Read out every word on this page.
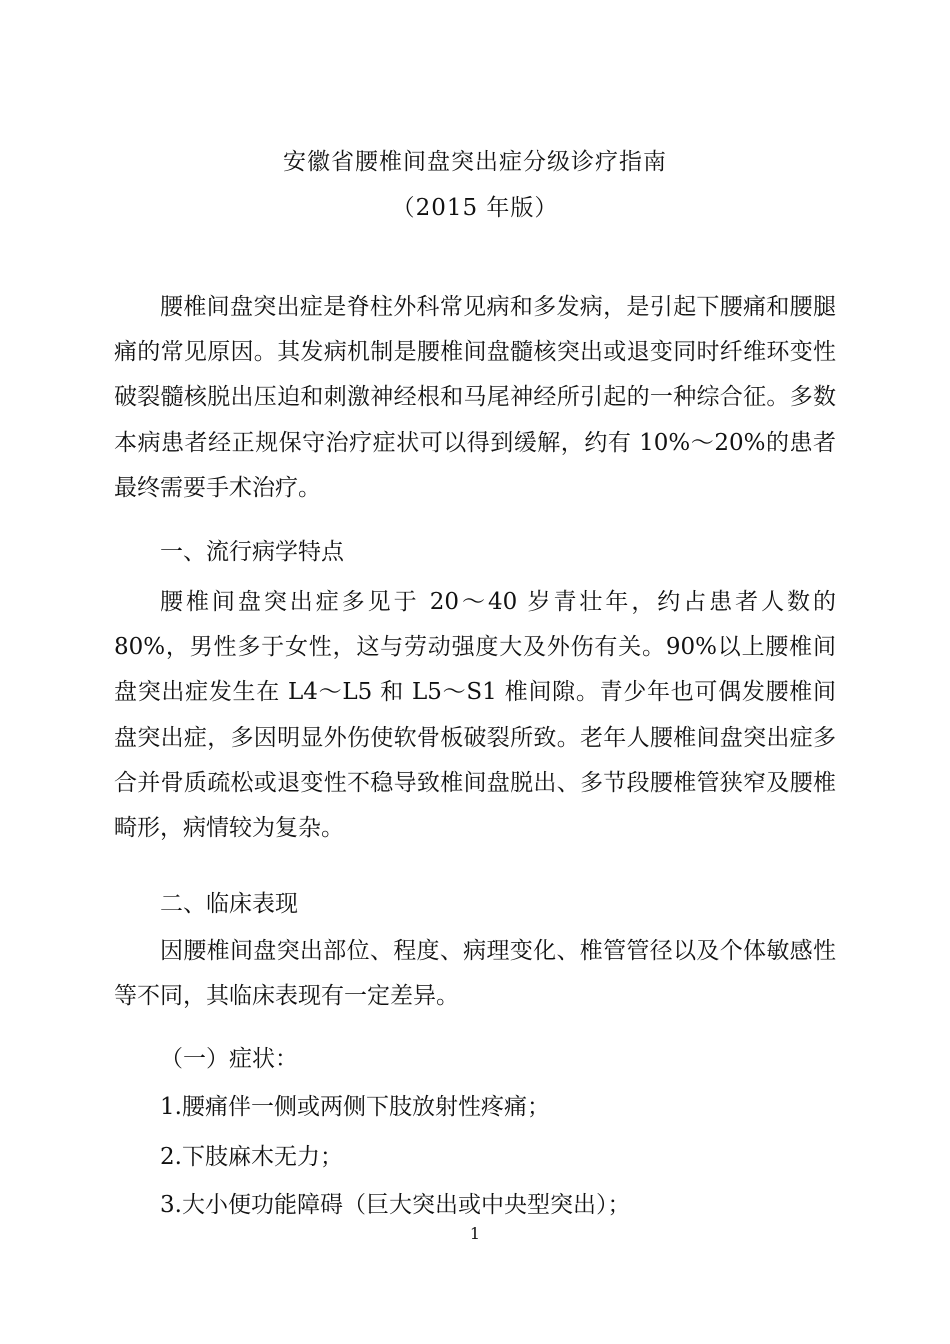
安徽省腰椎间盘突出症分级诊疗指南
（2015 年版）

腰椎间盘突出症是脊柱外科常见病和多发病，是引起下腰痛和腰腿痛的常见原因。其发病机制是腰椎间盘髓核突出或退变同时纤维环变性破裂髓核脱出压迫和刺激神经根和马尾神经所引起的一种综合征。多数本病患者经正规保守治疗症状可以得到缓解，约有 10%～20%的患者最终需要手术治疗。

一、流行病学特点

腰椎间盘突出症多见于 20～40 岁青壮年，约占患者人数的80%，男性多于女性，这与劳动强度大及外伤有关。90%以上腰椎间盘突出症发生在 L4～L5 和 L5～S1 椎间隙。青少年也可偶发腰椎间盘突出症，多因明显外伤使软骨板破裂所致。老年人腰椎间盘突出症多合并骨质疏松或退变性不稳导致椎间盘脱出、多节段腰椎管狭窄及腰椎畸形，病情较为复杂。

二、临床表现

因腰椎间盘突出部位、程度、病理变化、椎管管径以及个体敏感性等不同，其临床表现有一定差异。

（一）症状：

1.腰痛伴一侧或两侧下肢放射性疼痛；

2.下肢麻木无力；

3.大小便功能障碍（巨大突出或中央型突出）；

1
